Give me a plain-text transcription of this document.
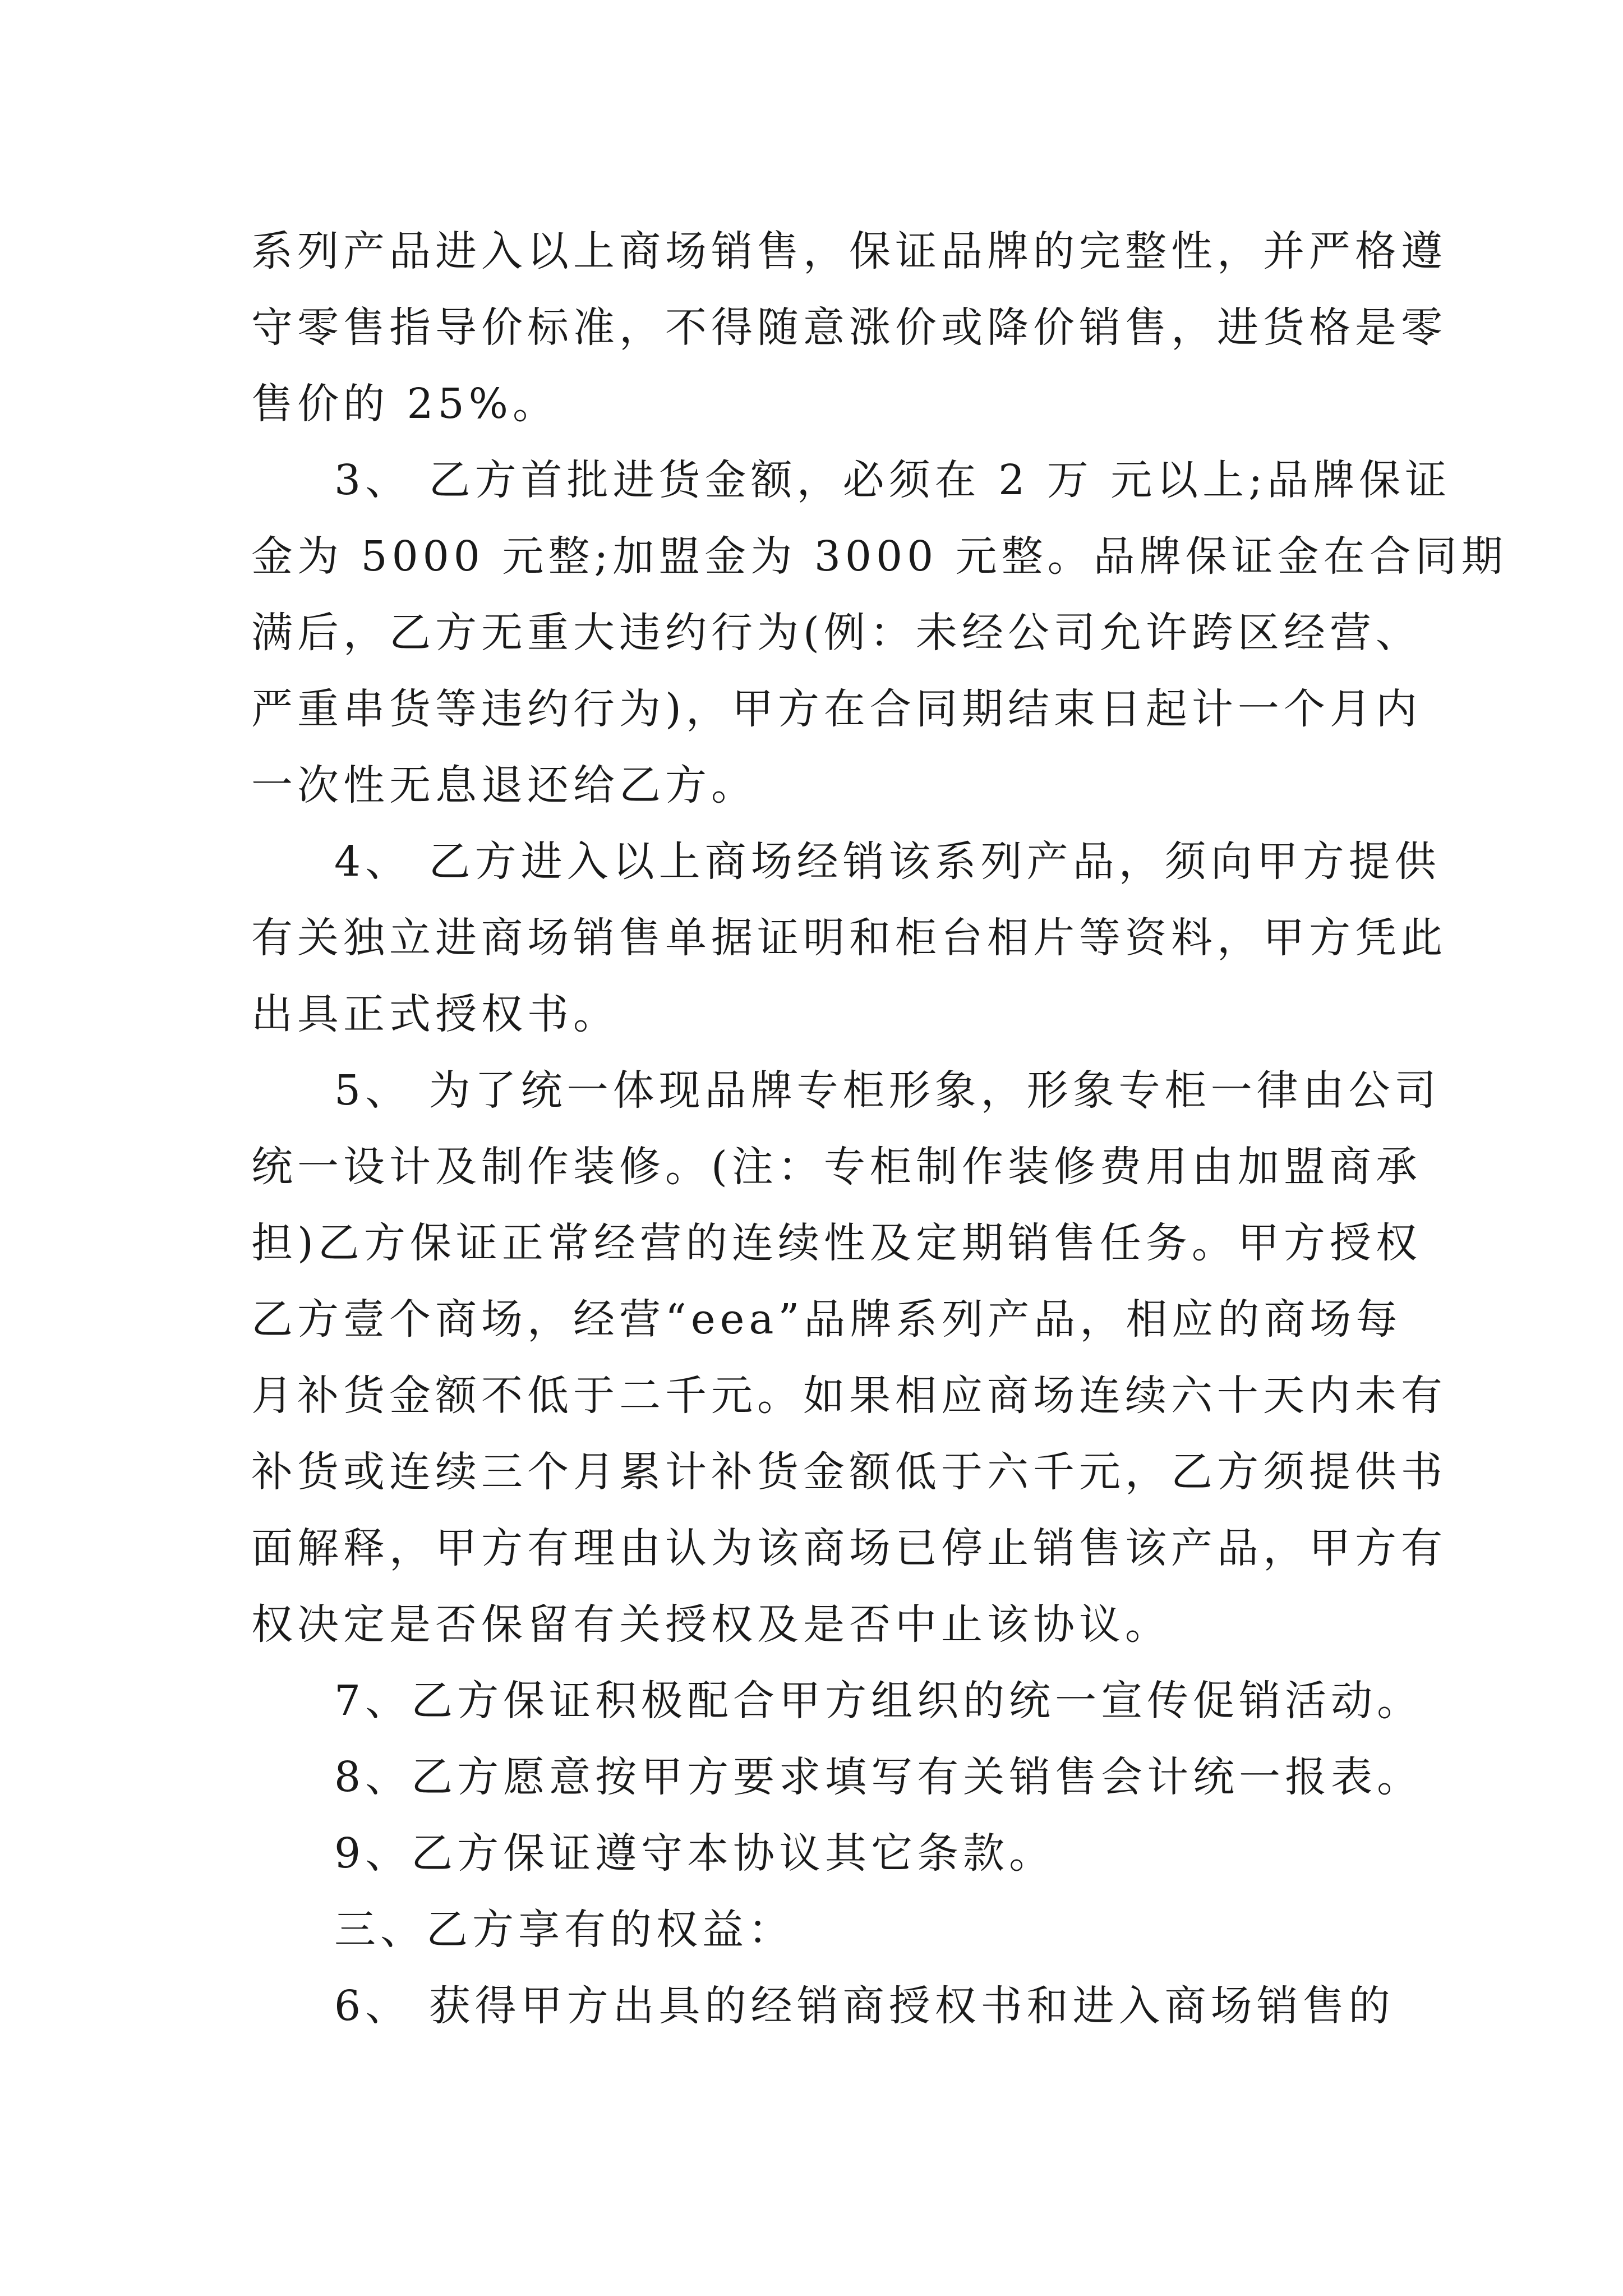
系列产品进入以上商场销售，保证品牌的完整性，并严格遵
守零售指导价标准，不得随意涨价或降价销售，进货格是零
售价的 25%。
3、 乙方首批进货金额，必须在 2 万 元以上;品牌保证
金为 5000 元整;加盟金为 3000 元整。品牌保证金在合同期
满后，乙方无重大违约行为(例：未经公司允许跨区经营、
严重串货等违约行为)，甲方在合同期结束日起计一个月内
一次性无息退还给乙方。
4、 乙方进入以上商场经销该系列产品，须向甲方提供
有关独立进商场销售单据证明和柜台相片等资料，甲方凭此
出具正式授权书。
5、 为了统一体现品牌专柜形象，形象专柜一律由公司
统一设计及制作装修。(注：专柜制作装修费用由加盟商承
担)乙方保证正常经营的连续性及定期销售任务。甲方授权
乙方壹个商场，经营“eea”品牌系列产品，相应的商场每
月补货金额不低于二千元。如果相应商场连续六十天内未有
补货或连续三个月累计补货金额低于六千元，乙方须提供书
面解释，甲方有理由认为该商场已停止销售该产品，甲方有
权决定是否保留有关授权及是否中止该协议。
7、乙方保证积极配合甲方组织的统一宣传促销活动。
8、乙方愿意按甲方要求填写有关销售会计统一报表。
9、乙方保证遵守本协议其它条款。
三、乙方享有的权益：
6、 获得甲方出具的经销商授权书和进入商场销售的
